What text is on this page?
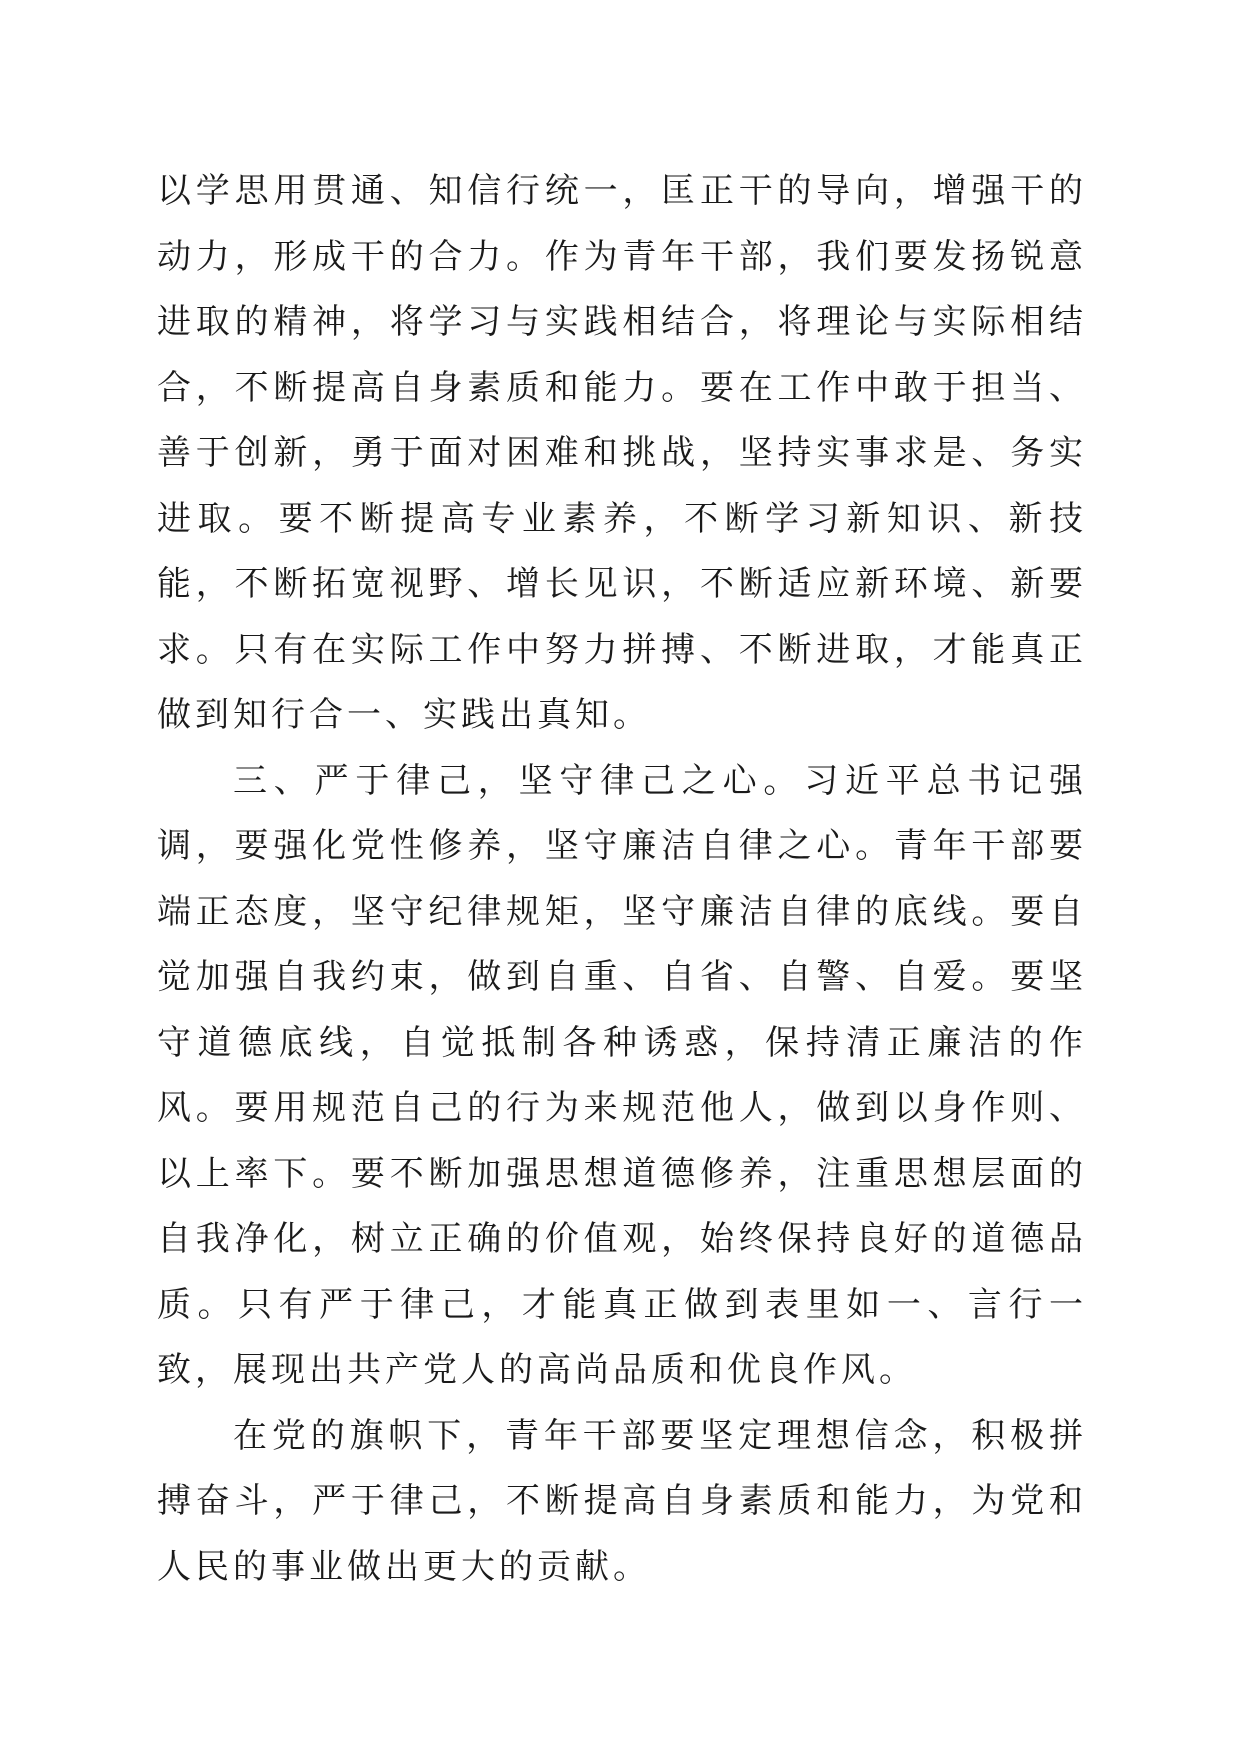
以学思用贯通、知信行统一，匡正干的导向，增强干的动力，形成干的合力。作为青年干部，我们要发扬锐意进取的精神，将学习与实践相结合，将理论与实际相结合，不断提高自身素质和能力。要在工作中敢于担当、善于创新，勇于面对困难和挑战，坚持实事求是、务实进取。要不断提高专业素养，不断学习新知识、新技能，不断拓宽视野、增长见识，不断适应新环境、新要求。只有在实际工作中努力拼搏、不断进取，才能真正做到知行合一、实践出真知。

三、严于律己，坚守律己之心。习近平总书记强调，要强化党性修养，坚守廉洁自律之心。青年干部要端正态度，坚守纪律规矩，坚守廉洁自律的底线。要自觉加强自我约束，做到自重、自省、自警、自爱。要坚守道德底线，自觉抵制各种诱惑，保持清正廉洁的作风。要用规范自己的行为来规范他人，做到以身作则、以上率下。要不断加强思想道德修养，注重思想层面的自我净化，树立正确的价值观，始终保持良好的道德品质。只有严于律己，才能真正做到表里如一、言行一致，展现出共产党人的高尚品质和优良作风。

在党的旗帜下，青年干部要坚定理想信念，积极拼搏奋斗，严于律己，不断提高自身素质和能力，为党和人民的事业做出更大的贡献。
